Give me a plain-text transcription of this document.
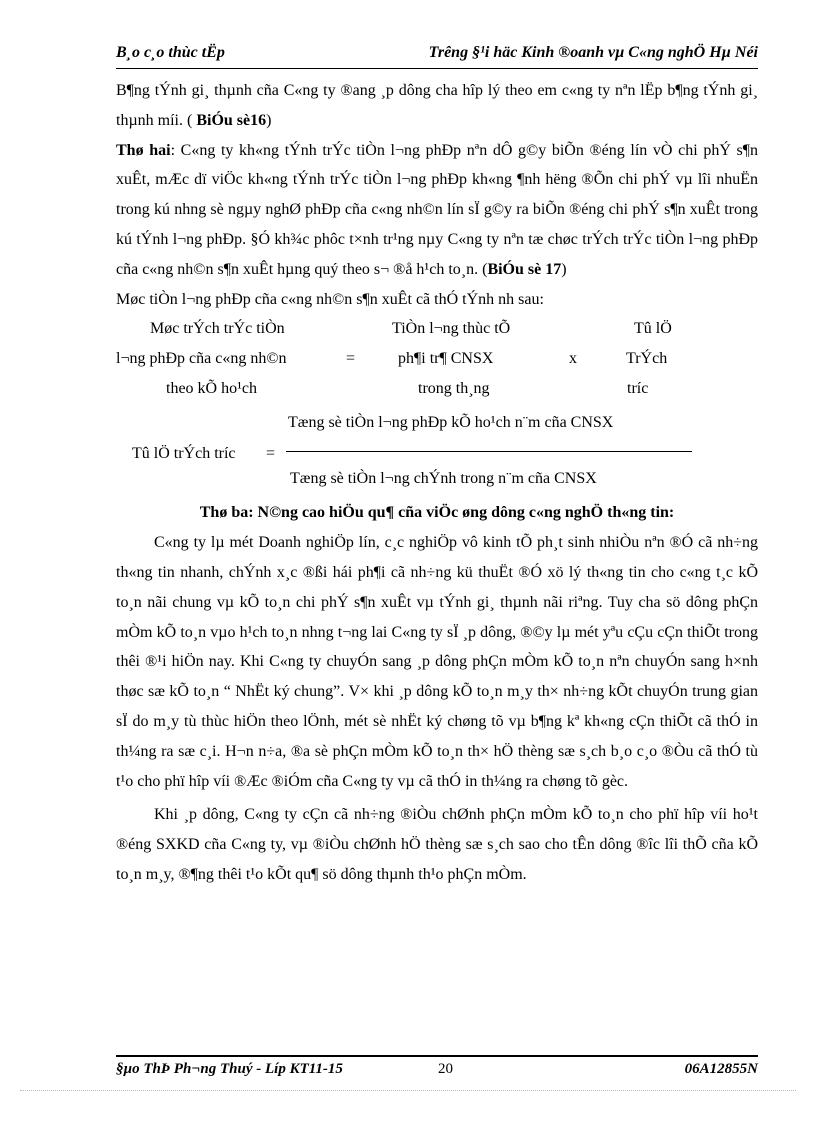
B¸o c¸o thùc tËp	Trêng §¹i häc Kinh ®oanh vµ C«ng nghÖ Hµ Néi

B¶ng tÝnh gi¸ thµnh cña C«ng ty ®ang ¸p dông cha hîp lý theo em c«ng ty nªn lËp b¶ng tÝnh gi¸ thµnh míi. ( BiÓu sè16)

Thø hai: C«ng ty kh«ng tÝnh trÝc tiÒn l¬ng phÐp nªn dÔ g©y biÕn ®éng lín vÒ chi phÝ s¶n xuÊt, mÆc dï viÖc kh«ng tÝnh trÝc tiÒn l¬ng phÐp kh«ng ¶nh hëng ®Õn chi phÝ vµ lîi nhuËn trong kú nhng sè ngµy nghØ phÐp cña c«ng nh©n lín sÏ g©y ra biÕn ®éng chi phÝ s¶n xuÊt trong kú tÝnh l¬ng phÐp. §Ó kh¾c phôc t×nh tr¹ng nµy C«ng ty nªn tæ chøc trÝch trÝc tiÒn l¬ng phÐp cña c«ng nh©n s¶n xuÊt hµng quý theo s¬ ®å h¹ch to¸n. (BiÓu sè 17)

Møc tiÒn l¬ng phÐp cña c«ng nh©n s¶n xuÊt cã thÓ tÝnh nh sau:

Møc trÝch trÝc tiÒn
l¬ng phÐp cña c«ng nh©n
theo kÕ ho¹ch
=
TiÒn l¬ng thùc tÕ
ph¶i tr¶ CNSX
trong th¸ng
x
Tû lÖ
TrÝch
tríc
Tû lÖ trÝch tríc =
Tæng sè tiÒn l¬ng phÐp kÕ ho¹ch n¨m cña CNSX
Tæng sè tiÒn l¬ng chÝnh trong n¨m cña CNSX

Thø ba: N©ng cao hiÖu qu¶ cña viÖc øng dông c«ng nghÖ th«ng tin:

C«ng ty lµ mét Doanh nghiÖp lín, c¸c nghiÖp vô kinh tÕ ph¸t sinh nhiÒu nªn ®Ó cã nh÷ng th«ng tin nhanh, chÝnh x¸c ®ßi hái ph¶i cã nh÷ng kü thuËt ®Ó xö lý th«ng tin cho c«ng t¸c kÕ to¸n nãi chung vµ kÕ to¸n chi phÝ s¶n xuÊt vµ tÝnh gi¸ thµnh nãi riªng. Tuy cha sö dông phÇn mÒm kÕ to¸n vµo h¹ch to¸n nhng t¬ng lai C«ng ty sÏ ¸p dông, ®©y lµ mét yªu cÇu cÇn thiÕt trong thêi ®¹i hiÖn nay. Khi C«ng ty chuyÓn sang ¸p dông phÇn mÒm kÕ to¸n nªn chuyÓn sang h×nh thøc sæ kÕ to¸n “ NhËt ký chung”. V× khi ¸p dông kÕ to¸n m¸y th× nh÷ng kÕt chuyÓn trung gian sÏ do m¸y tù thùc hiÖn theo lÖnh, mét sè nhËt ký chøng tõ vµ b¶ng kª kh«ng cÇn thiÕt cã thÓ in th¼ng ra sæ c¸i. H¬n n÷a, ®a sè phÇn mÒm kÕ to¸n th× hÖ thèng sæ s¸ch b¸o c¸o ®Òu cã thÓ tù t¹o cho phï hîp víi ®Æc ®iÓm cña C«ng ty vµ cã thÓ in th¼ng ra chøng tõ gèc.

Khi ¸p dông, C«ng ty cÇn cã nh÷ng ®iÒu chØnh phÇn mÒm kÕ to¸n cho phï hîp víi ho¹t ®éng SXKD cña C«ng ty, vµ ®iÒu chØnh hÖ thèng sæ s¸ch sao cho tÊn dông ®îc lîi thÕ cña kÕ to¸n m¸y, ®¶ng thêi t¹o kÕt qu¶ sö dông thµnh th¹o phÇn mÒm.

§µo ThÞ Ph¬ng Thuý - Líp KT11-15	20	06A12855N
